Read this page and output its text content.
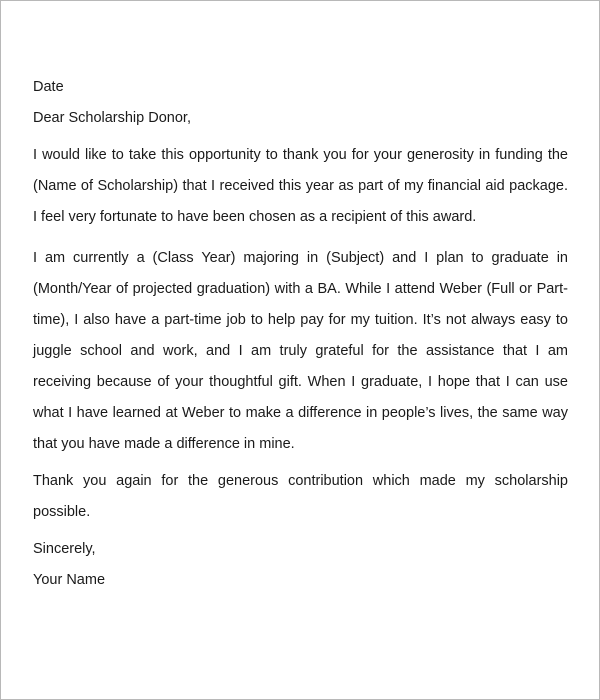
Date

Dear Scholarship Donor,

I would like to take this opportunity to thank you for your generosity in funding the (Name of Scholarship) that I received this year as part of my financial aid package. I feel very fortunate to have been chosen as a recipient of this award.

I am currently a (Class Year) majoring in (Subject) and I plan to graduate in (Month/Year of projected graduation) with a BA. While I attend Weber (Full or Part-time), I also have a part-time job to help pay for my tuition. It’s not always easy to juggle school and work, and I am truly grateful for the assistance that I am receiving because of your thoughtful gift. When I graduate, I hope that I can use what I have learned at Weber to make a difference in people’s lives, the same way that you have made a difference in mine.

Thank you again for the generous contribution which made my scholarship possible.

Sincerely,

Your Name
